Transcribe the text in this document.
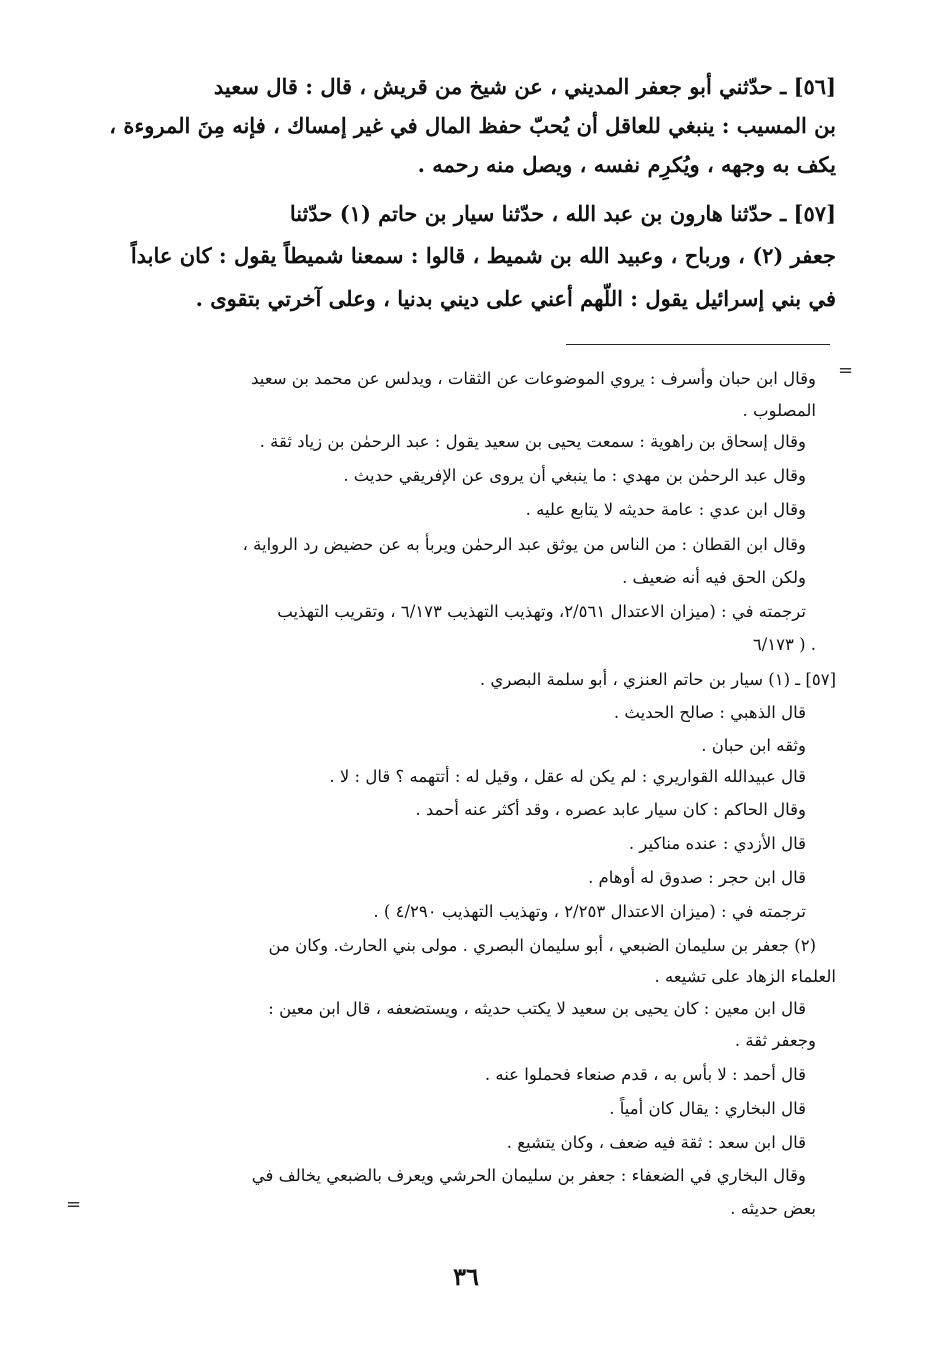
[٥٦] ـ حدّثني أبو جعفر المديني ، عن شيخ من قريش ، قال : قال سعيد
بن المسيب : ينبغي للعاقل أن يُحبّ حفظ المال في غير إمساك ، فإنه مِنَ المروءة ،
يكف به وجهه ، ويُكرِم نفسه ، ويصل منه رحمه .
[٥٧] ـ حدّثنا هارون بن عبد الله ، حدّثنا سيار بن حاتم (١) حدّثنا
جعفر (٢) ، ورباح ، وعبيد الله بن شميط ، قالوا : سمعنا شميطاً يقول : كان عابداً
في بني إسرائيل يقول : اللّهم أعني على ديني بدنيا ، وعلى آخرتي بتقوى .
=
=
وقال ابن حبان وأسرف : يروي الموضوعات عن الثقات ، ويدلس عن محمد بن سعيد
المصلوب .
وقال إسحاق بن راهوية : سمعت يحيى بن سعيد يقول : عبد الرحمٰن بن زياد ثقة .
وقال عبد الرحمٰن بن مهدي : ما ينبغي أن يروى عن الإفريقي حديث .
وقال ابن عدي : عامة حديثه لا يتابع عليه .
وقال ابن القطان : من الناس من يوثق عبد الرحمٰن ويربأ به عن حضيض رد الرواية ،
ولكن الحق فيه أنه ضعيف .
ترجمته في : (ميزان الاعتدال ٢/٥٦١، وتهذيب التهذيب ٦/١٧٣ ، وتقريب التهذيب
٦/١٧٣ ) .
[٥٧] ـ (١) سيار بن حاتم العنزي ، أبو سلمة البصري .
قال الذهبي : صالح الحديث .
وثقه ابن حبان .
قال عبيدالله القواريري : لم يكن له عقل ، وقيل له : أتتهمه ؟ قال : لا .
وقال الحاكم : كان سيار عابد عصره ، وقد أكثر عنه أحمد .
قال الأزدي : عنده مناكير .
قال ابن حجر : صدوق له أوهام .
ترجمته في : (ميزان الاعتدال ٢/٢٥٣ ، وتهذيب التهذيب ٤/٢٩٠ ) .
(٢) جعفر بن سليمان الضبعي ، أبو سليمان البصري . مولى بني الحارث. وكان من
العلماء الزهاد على تشيعه .
قال ابن معين : كان يحيى بن سعيد لا يكتب حديثه ، ويستضعفه ، قال ابن معين :
وجعفر ثقة .
قال أحمد : لا بأس به ، قدم صنعاء فحملوا عنه .
قال البخاري : يقال كان أمياً .
قال ابن سعد : ثقة فيه ضعف ، وكان يتشيع .
وقال البخاري في الضعفاء : جعفر بن سليمان الحرشي ويعرف بالضبعي يخالف في
بعض حديثه .
٣٦
